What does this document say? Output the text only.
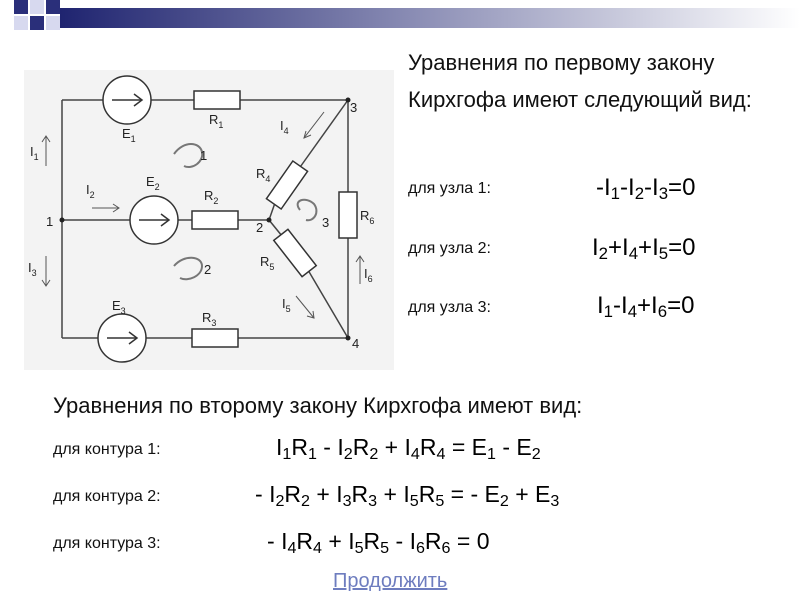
$E_1$
$E_2$
$E_3$
$R_1$
$R_2$
$R_3$
$R_4$
$R_5$
$R_6$
$I_1$
$I_2$
$I_3$
$I_4$
$I_5$
$I_6$
1	2
3
4
1
3
2
Уравнения по первому закону Кирхгофа имеют следующий вид:
для узла 1:	$-I_1-I_2-I_3=0$
для узла 2:	$I_2+I_4+I_5=0$
для узла 3:	$I_1-I_4+I_6=0$
Уравнения по второму закону Кирхгофа имеют вид:
для контура 1:	$I_1R_1 - I_2R_2 + I_4R_4 = E_1 - E_2$
для контура 2:	- $I_2R_2 + I_3R_3 + I_5R_5$ = - $E_2 + E_3$
для контура 3:	- $I_4R_4 + I_5R_5 - I_6R_6 = 0$
Продолжить
